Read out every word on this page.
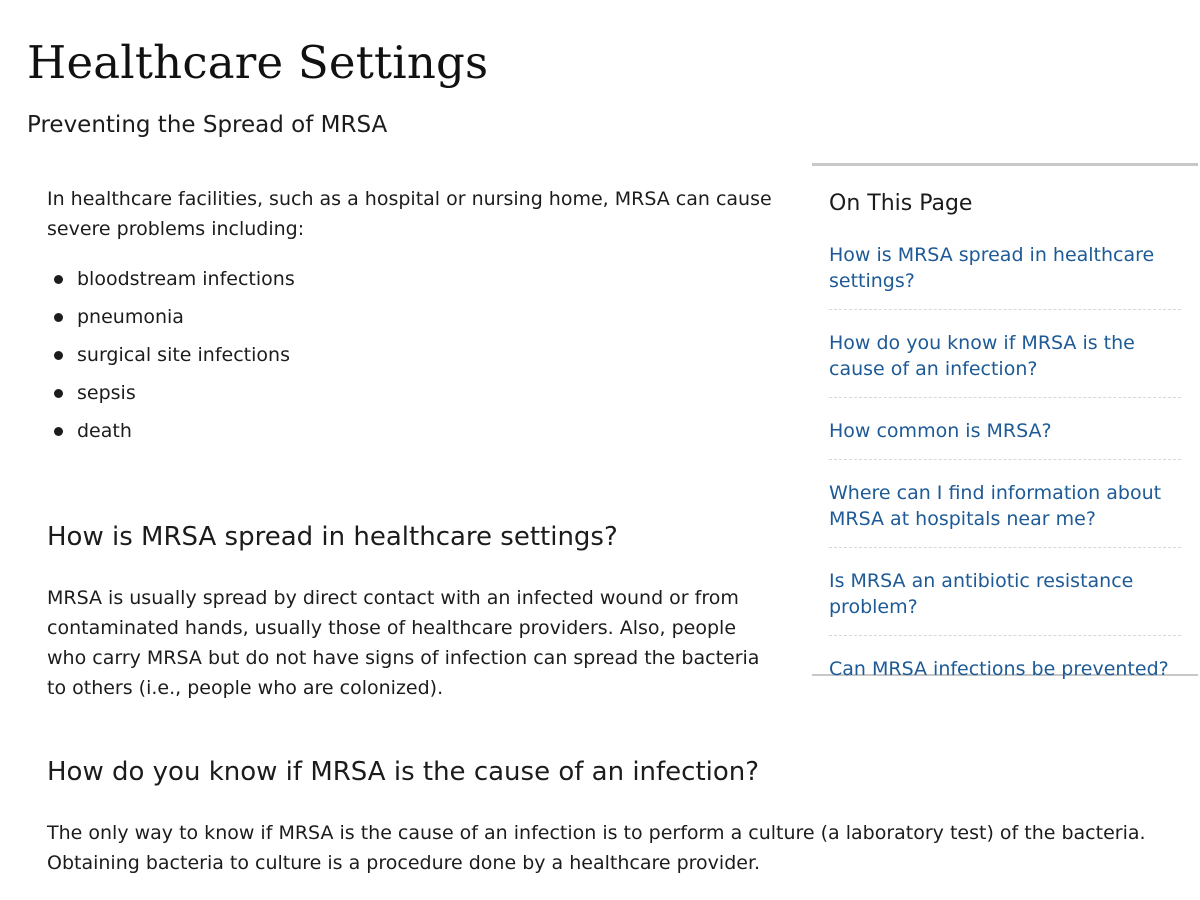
Healthcare Settings
Preventing the Spread of MRSA

In healthcare facilities, such as a hospital or nursing home, MRSA can cause severe problems including:

bloodstream infections
pneumonia
surgical site infections
sepsis
death
How is MRSA spread in healthcare settings?

MRSA is usually spread by direct contact with an infected wound or from contaminated hands, usually those of healthcare providers. Also, people who carry MRSA but do not have signs of infection can spread the bacteria to others (i.e., people who are colonized).

How do you know if MRSA is the cause of an infection?

The only way to know if MRSA is the cause of an infection is to perform a culture (a laboratory test) of the bacteria. Obtaining bacteria to culture is a procedure done by a healthcare provider.

On This Page
How is MRSA spread in healthcare settings?
How do you know if MRSA is the cause of an infection?
How common is MRSA?
Where can I find information about MRSA at hospitals near me?
Is MRSA an antibiotic resistance problem?
Can MRSA infections be prevented?
